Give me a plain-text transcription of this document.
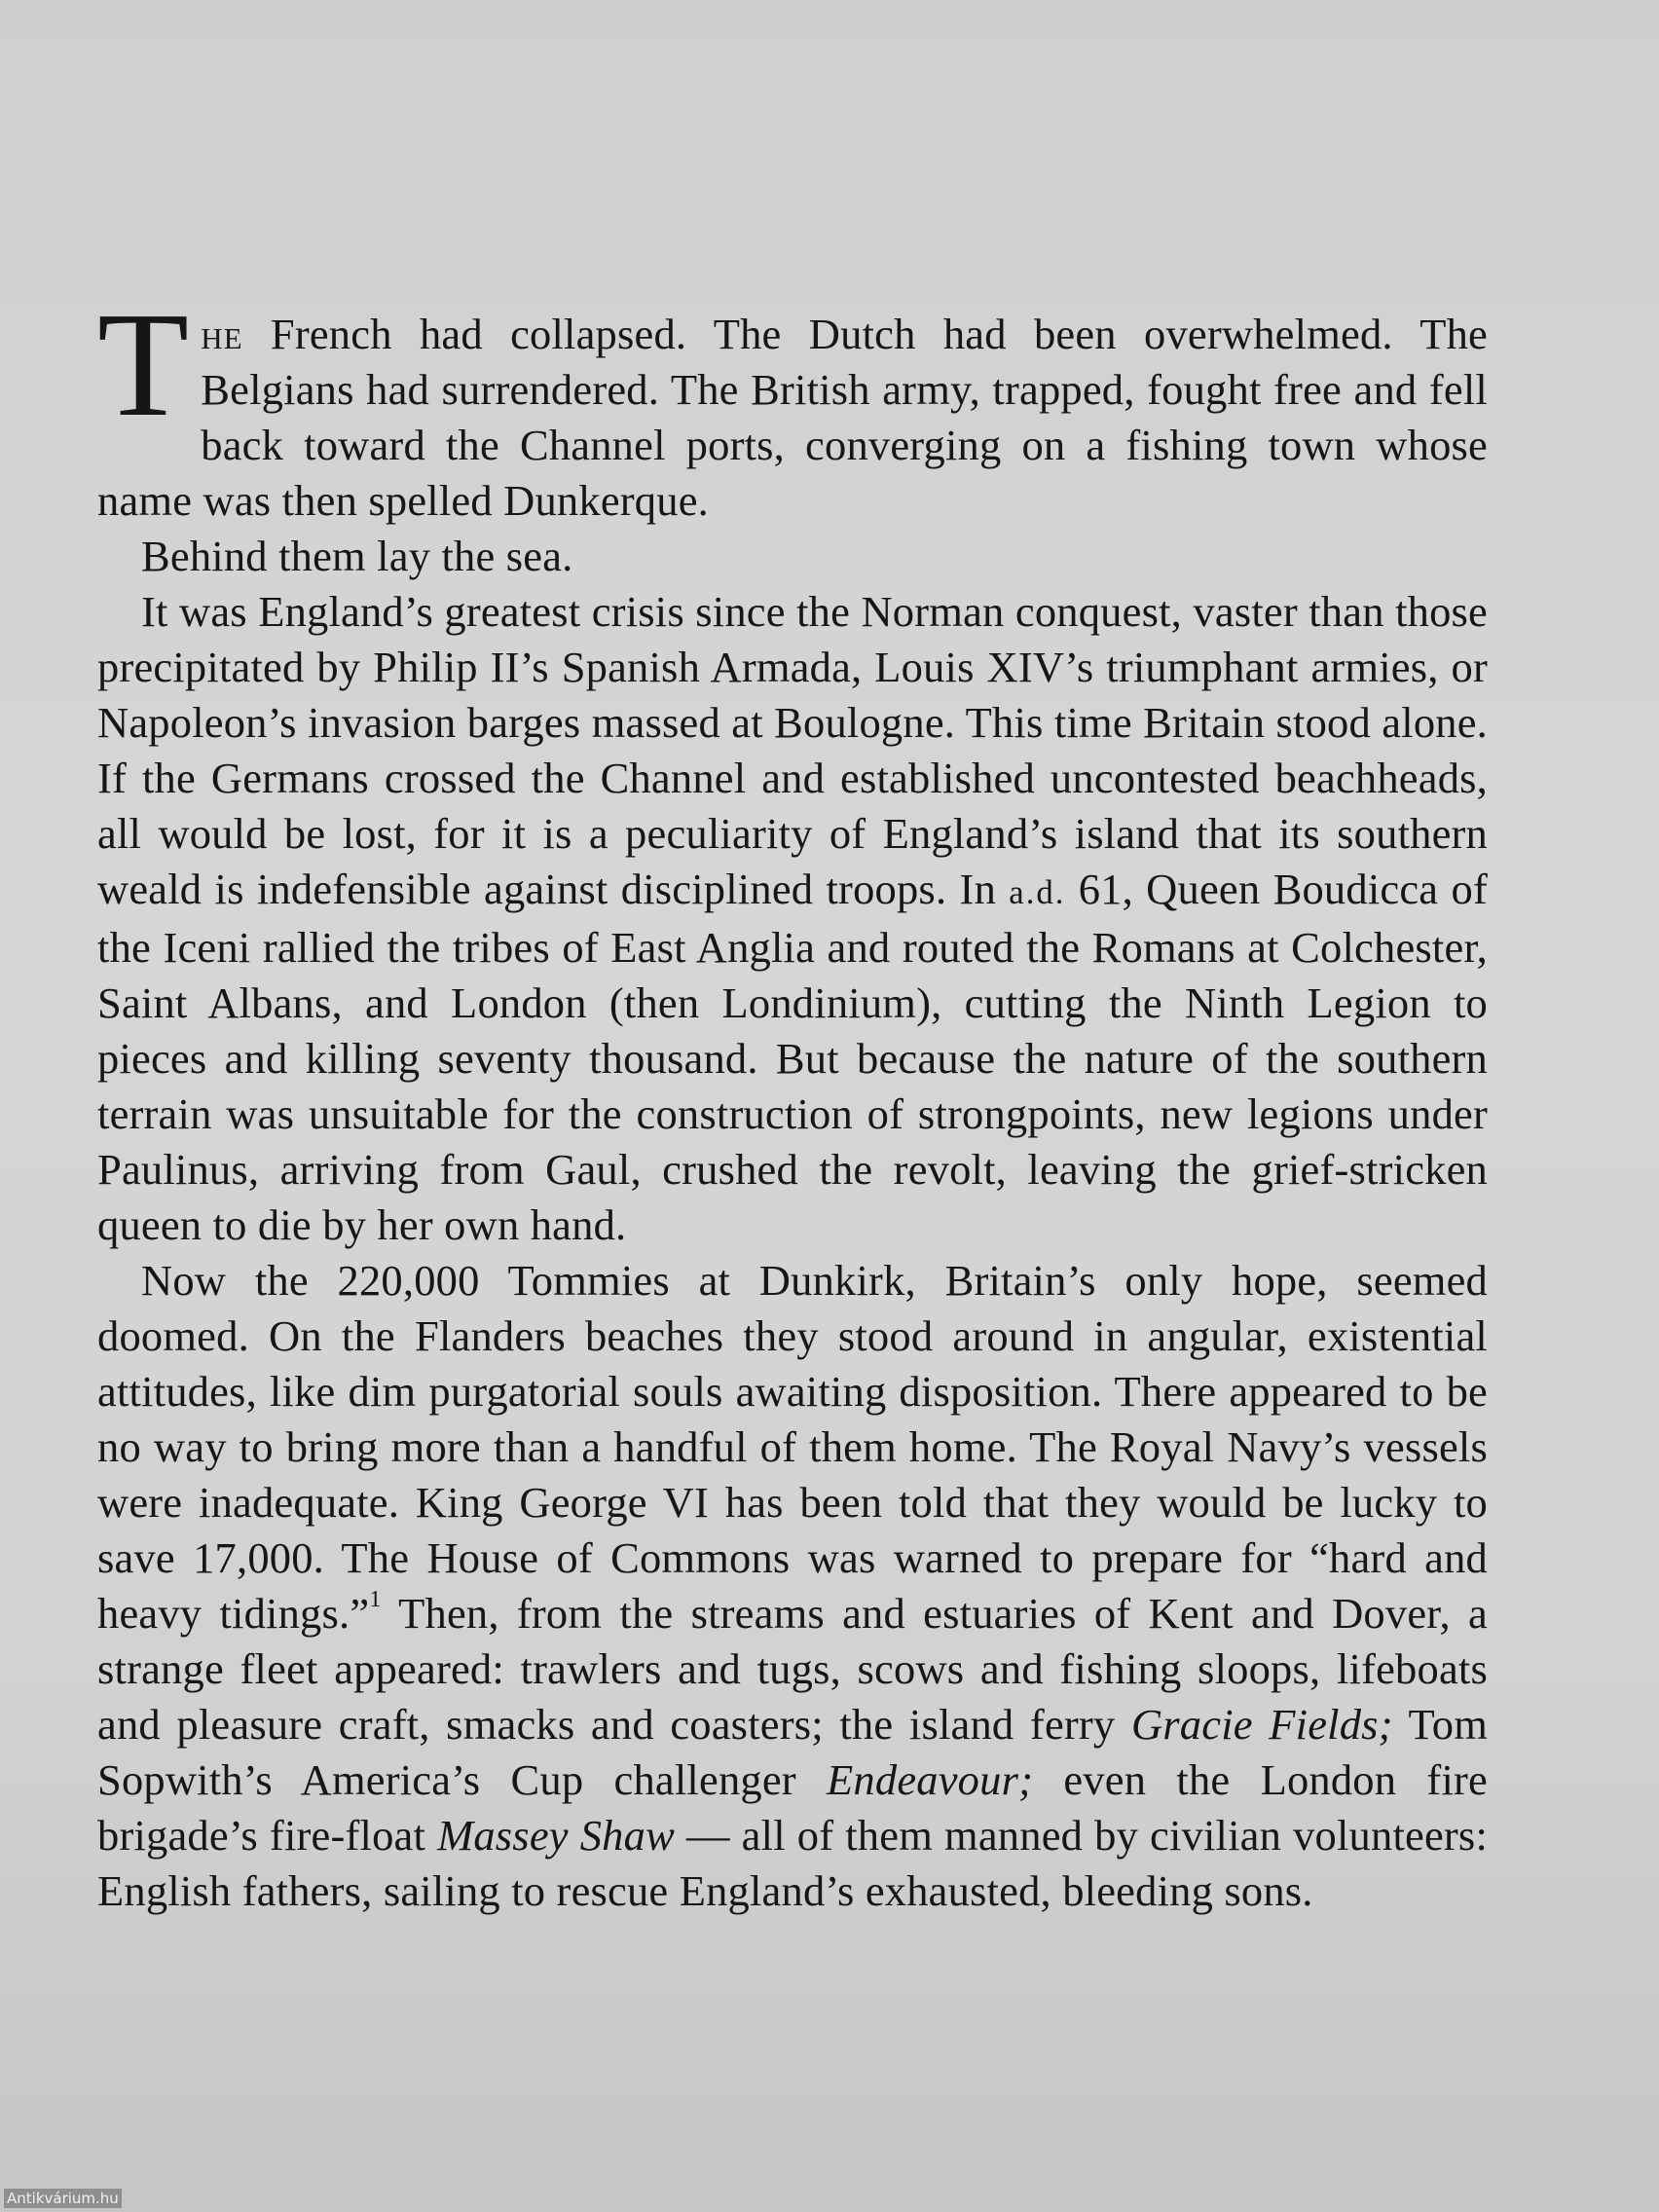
The French had collapsed. The Dutch had been overwhelmed. The Belgians had surrendered. The British army, trapped, fought free and fell back toward the Channel ports, converging on a fishing town whose name was then spelled Dunkerque.

Behind them lay the sea.

It was England’s greatest crisis since the Norman conquest, vaster than those precipitated by Philip II’s Spanish Armada, Louis XIV’s triumphant armies, or Napoleon’s invasion barges massed at Boulogne. This time Britain stood alone. If the Germans crossed the Channel and established uncontested beachheads, all would be lost, for it is a peculiarity of England’s island that its southern weald is indefensible against disciplined troops. In a.d. 61, Queen Boudicca of the Iceni rallied the tribes of East Anglia and routed the Romans at Colchester, Saint Albans, and London (then Londinium), cutting the Ninth Legion to pieces and killing seventy thousand. But because the nature of the southern terrain was unsuitable for the construction of strongpoints, new legions under Paulinus, arriving from Gaul, crushed the revolt, leaving the grief-stricken queen to die by her own hand.

Now the 220,000 Tommies at Dunkirk, Britain’s only hope, seemed doomed. On the Flanders beaches they stood around in angular, existential attitudes, like dim purgatorial souls awaiting disposition. There appeared to be no way to bring more than a handful of them home. The Royal Navy’s vessels were inadequate. King George VI has been told that they would be lucky to save 17,000. The House of Commons was warned to prepare for “hard and heavy tidings.”$^1$ Then, from the streams and estuaries of Kent and Dover, a strange fleet appeared: trawlers and tugs, scows and fishing sloops, lifeboats and pleasure craft, smacks and coasters; the island ferry Gracie Fields; Tom Sopwith’s America’s Cup challenger Endeavour; even the London fire brigade’s fire-float Massey Shaw — all of them manned by civilian volunteers: English fathers, sailing to rescue England’s exhausted, bleeding sons.

Antikvárium.hu
